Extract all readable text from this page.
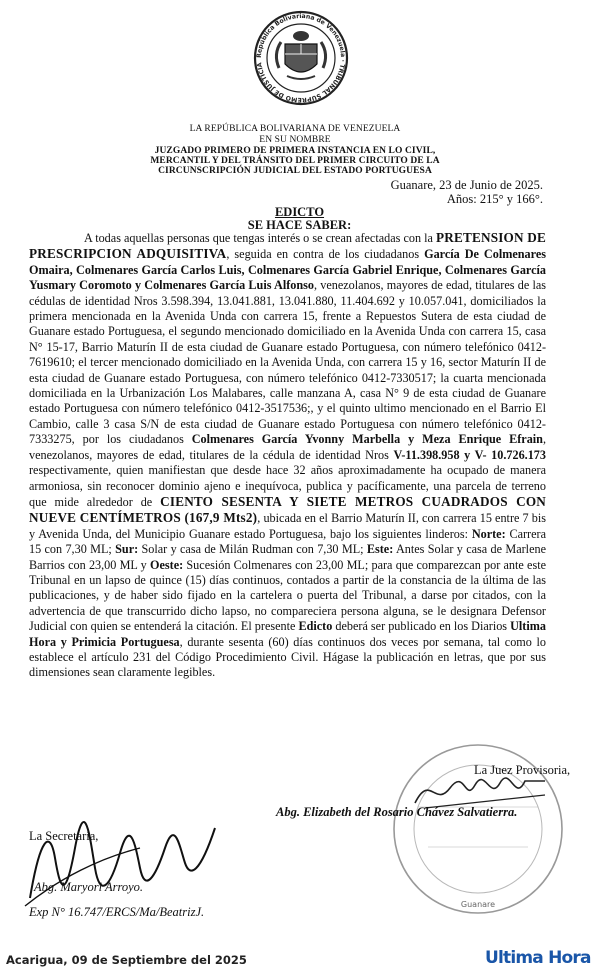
República Bolivariana de Venezuela · TRIBUNAL SUPREMO DE JUSTICIA
LA REPÚBLICA BOLIVARIANA DE VENEZUELA
EN SU NOMBRE
JUZGADO PRIMERO DE PRIMERA INSTANCIA EN LO CIVIL,
MERCANTIL Y DEL TRÁNSITO DEL PRIMER CIRCUITO DE LA
CIRCUNSCRIPCIÓN JUDICIAL DEL ESTADO PORTUGUESA
Guanare, 23 de Junio de 2025.
Años: 215° y 166°.
EDICTO
SE HACE SABER:
A todas aquellas personas que tengas interés o se crean afectadas con la PRETENSION DE PRESCRIPCION ADQUISITIVA, seguida en contra de los ciudadanos García De Colmenares Omaira, Colmenares García Carlos Luis, Colmenares García Gabriel Enrique, Colmenares García Yusmary Coromoto y Colmenares García Luis Alfonso, venezolanos, mayores de edad, titulares de las cédulas de identidad Nros 3.598.394, 13.041.881, 13.041.880, 11.404.692 y 10.057.041, domiciliados la primera mencionada en la Avenida Unda con carrera 15, frente a Repuestos Sutera de esta ciudad de Guanare estado Portuguesa, el segundo mencionado domiciliado en la Avenida Unda con carrera 15, casa N° 15-17, Barrio Maturín II de esta ciudad de Guanare estado Portuguesa, con número telefónico 0412-7619610; el tercer mencionado domiciliado en la Avenida Unda, con carrera 15 y 16, sector Maturín II de esta ciudad de Guanare estado Portuguesa, con número telefónico 0412-7330517; la cuarta mencionada domiciliada en la Urbanización Los Malabares, calle manzana A, casa N° 9 de esta ciudad de Guanare estado Portuguesa con número telefónico 0412-3517536;, y el quinto ultimo mencionado en el Barrio El Cambio, calle 3 casa S/N de esta ciudad de Guanare estado Portuguesa con número telefónico 0412-7333275, por los ciudadanos Colmenares García Yvonny Marbella y Meza Enrique Efrain, venezolanos, mayores de edad, titulares de la cédula de identidad Nros V-11.398.958 y V- 10.726.173 respectivamente, quien manifiestan que desde hace 32 años aproximadamente ha ocupado de manera armoniosa, sin reconocer dominio ajeno e inequívoca, publica y pacíficamente, una parcela de terreno que mide alrededor de CIENTO SESENTA Y SIETE METROS CUADRADOS CON NUEVE CENTÍMETROS (167,9 Mts2), ubicada en el Barrio Maturín II, con carrera 15 entre 7 bis y Avenida Unda, del Municipio Guanare estado Portuguesa, bajo los siguientes linderos: Norte: Carrera 15 con 7,30 ML; Sur: Solar y casa de Milán Rudman con 7,30 ML; Este: Antes Solar y casa de Marlene Barrios con 23,00 ML y Oeste: Sucesión Colmenares con 23,00 ML; para que comparezcan por ante este Tribunal en un lapso de quince (15) días continuos, contados a partir de la constancia de la última de las publicaciones, y de haber sido fijado en la cartelera o puerta del Tribunal, a darse por citados, con la advertencia de que transcurrido dicho lapso, no compareciera persona alguna, se le designara Defensor Judicial con quien se entenderá la citación. El presente Edicto deberá ser publicado en los Diarios Ultima Hora y Primicia Portuguesa, durante sesenta (60) días continuos dos veces por semana, tal como lo establece el artículo 231 del Código Procedimiento Civil. Hágase la publicación en letras, que por sus dimensiones sean claramente legibles.
Guanare
La Juez Provisoria,
Abg. Elizabeth del Rosario Chávez Salvatierra.
La Secretaria,
Abg. Maryori Arroyo.
Exp N° 16.747/ERCS/Ma/BeatrizJ.
Acarigua, 09 de Septiembre del 2025	Ultima Hora
